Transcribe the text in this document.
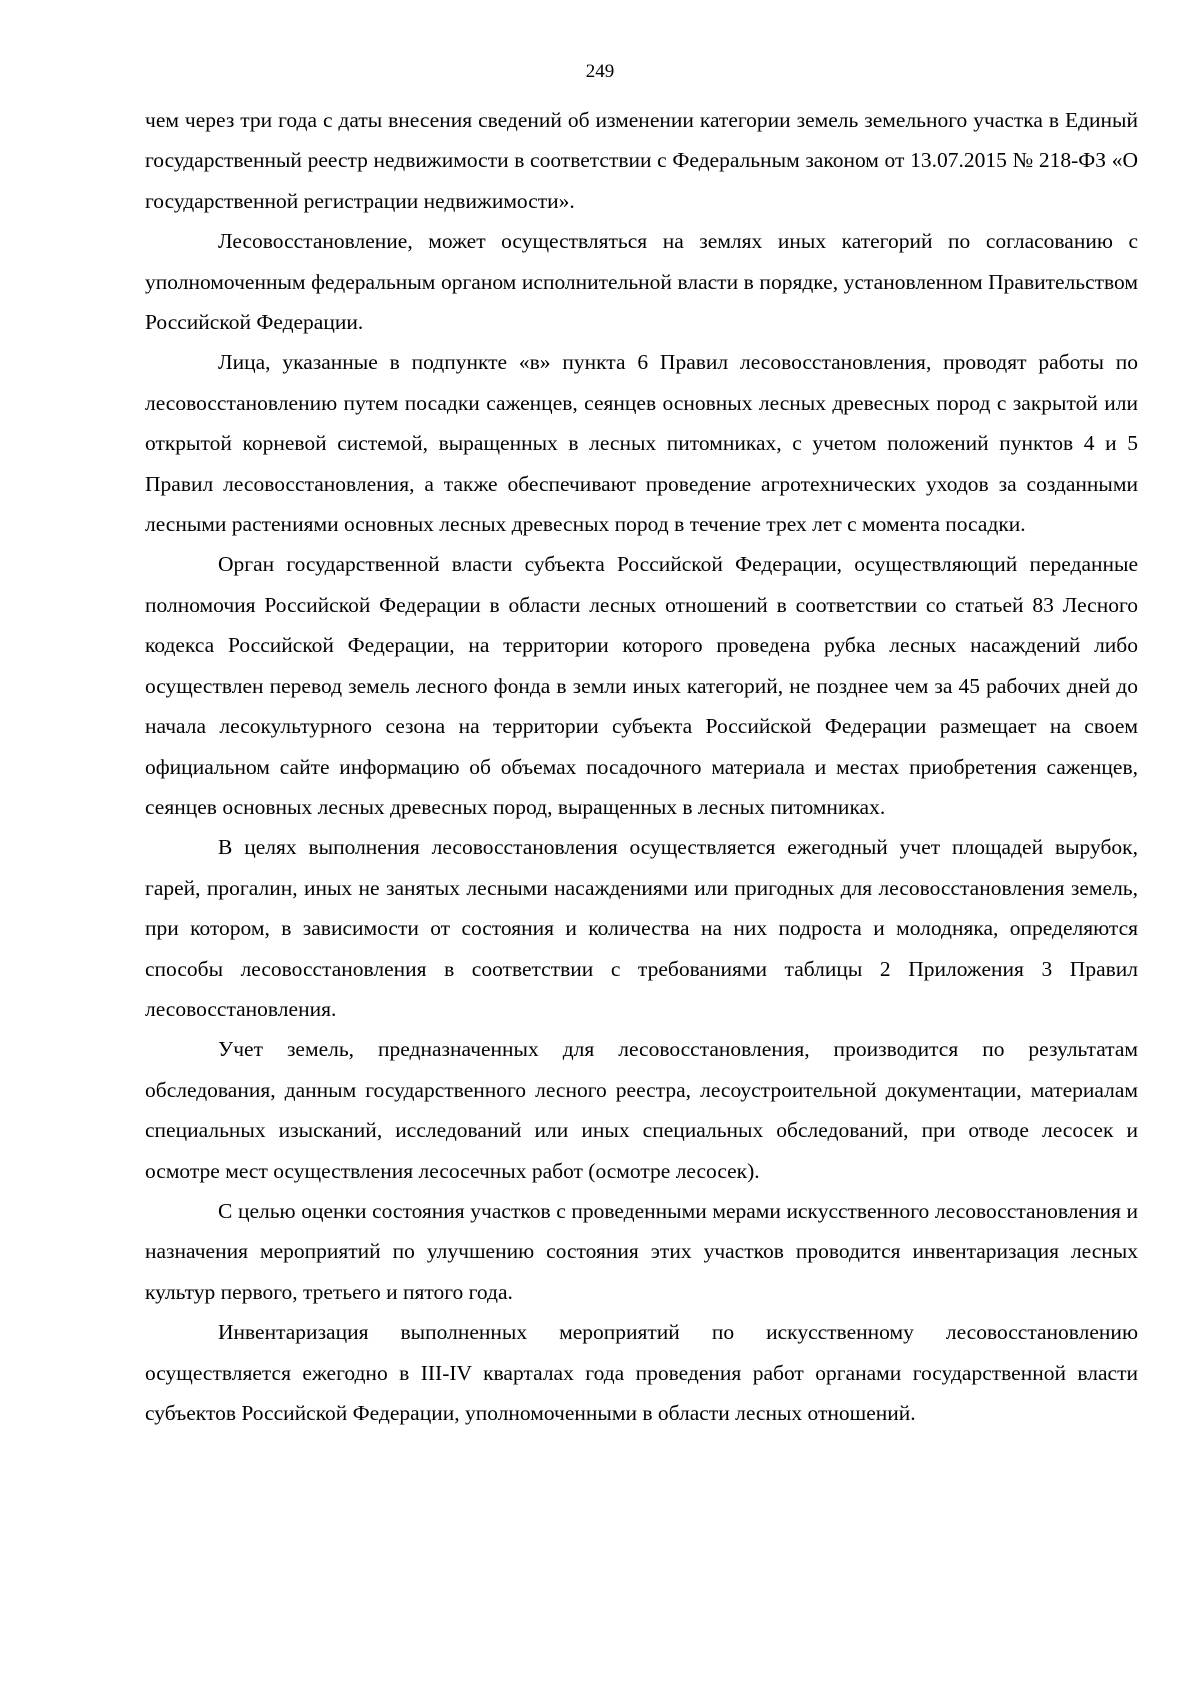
249

чем через три года с даты внесения сведений об изменении категории земель земельного участка в Единый государственный реестр недвижимости в соответствии с Федеральным законом от 13.07.2015 № 218-ФЗ «О государственной регистрации недвижимости».

Лесовосстановление, может осуществляться на землях иных категорий по согласованию с уполномоченным федеральным органом исполнительной власти в порядке, установленном Правительством Российской Федерации.

Лица, указанные в подпункте «в» пункта 6 Правил лесовосстановления, проводят работы по лесовосстановлению путем посадки саженцев, сеянцев основных лесных древесных пород с закрытой или открытой корневой системой, выращенных в лесных питомниках, с учетом положений пунктов 4 и 5 Правил лесовосстановления, а также обеспечивают проведение агротехнических уходов за созданными лесными растениями основных лесных древесных пород в течение трех лет с момента посадки.

Орган государственной власти субъекта Российской Федерации, осуществляющий переданные полномочия Российской Федерации в области лесных отношений в соответствии со статьей 83 Лесного кодекса Российской Федерации, на территории которого проведена рубка лесных насаждений либо осуществлен перевод земель лесного фонда в земли иных категорий, не позднее чем за 45 рабочих дней до начала лесокультурного сезона на территории субъекта Российской Федерации размещает на своем официальном сайте информацию об объемах посадочного материала и местах приобретения саженцев, сеянцев основных лесных древесных пород, выращенных в лесных питомниках.

В целях выполнения лесовосстановления осуществляется ежегодный учет площадей вырубок, гарей, прогалин, иных не занятых лесными насаждениями или пригодных для лесовосстановления земель, при котором, в зависимости от состояния и количества на них подроста и молодняка, определяются способы лесовосстановления в соответствии с требованиями таблицы 2 Приложения 3 Правил лесовосстановления.

Учет земель, предназначенных для лесовосстановления, производится по результатам обследования, данным государственного лесного реестра, лесоустроительной документации, материалам специальных изысканий, исследований или иных специальных обследований, при отводе лесосек и осмотре мест осуществления лесосечных работ (осмотре лесосек).

С целью оценки состояния участков с проведенными мерами искусственного лесовосстановления и назначения мероприятий по улучшению состояния этих участков проводится инвентаризация лесных культур первого, третьего и пятого года.

Инвентаризация выполненных мероприятий по искусственному лесовосстановлению осуществляется ежегодно в III-IV кварталах года проведения работ органами государственной власти субъектов Российской Федерации, уполномоченными в области лесных отношений.
